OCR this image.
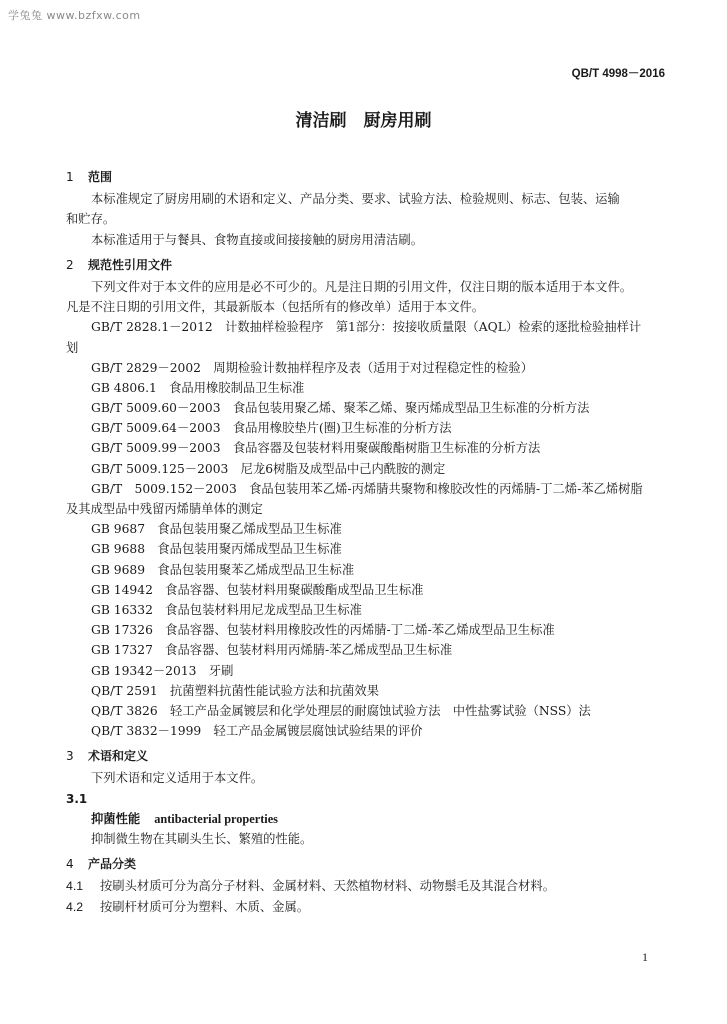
学兔兔 www.bzfxw.com
QB/T 4998－2016
清洁刷　厨房用刷
1 范围
本标准规定了厨房用刷的术语和定义、产品分类、要求、试验方法、检验规则、标志、包装、运输
和贮存。
本标准适用于与餐具、食物直接或间接接触的厨房用清洁刷。
2 规范性引用文件
下列文件对于本文件的应用是必不可少的。凡是注日期的引用文件，仅注日期的版本适用于本文件。
凡是不注日期的引用文件，其最新版本（包括所有的修改单）适用于本文件。
GB/T 2828.1－2012　计数抽样检验程序　第1部分：按接收质量限（AQL）检索的逐批检验抽样计
划
GB/T 2829－2002　周期检验计数抽样程序及表（适用于对过程稳定性的检验）
GB 4806.1　食品用橡胶制品卫生标准
GB/T 5009.60－2003　食品包装用聚乙烯、聚苯乙烯、聚丙烯成型品卫生标准的分析方法
GB/T 5009.64－2003　食品用橡胶垫片(圈)卫生标准的分析方法
GB/T 5009.99－2003　食品容器及包装材料用聚碳酸酯树脂卫生标准的分析方法
GB/T 5009.125－2003　尼龙6树脂及成型品中己内酰胺的测定
GB/T　5009.152－2003　食品包装用苯乙烯-丙烯腈共聚物和橡胶改性的丙烯腈-丁二烯-苯乙烯树脂
及其成型品中残留丙烯腈单体的测定
GB 9687　食品包装用聚乙烯成型品卫生标准
GB 9688　食品包装用聚丙烯成型品卫生标准
GB 9689　食品包装用聚苯乙烯成型品卫生标准
GB 14942　食品容器、包装材料用聚碳酸酯成型品卫生标准
GB 16332　食品包装材料用尼龙成型品卫生标准
GB 17326　食品容器、包装材料用橡胶改性的丙烯腈-丁二烯-苯乙烯成型品卫生标准
GB 17327　食品容器、包装材料用丙烯腈-苯乙烯成型品卫生标准
GB 19342－2013　牙刷
QB/T 2591　抗菌塑料抗菌性能试验方法和抗菌效果
QB/T 3826　轻工产品金属镀层和化学处理层的耐腐蚀试验方法　中性盐雾试验（NSS）法
QB/T 3832－1999　轻工产品金属镀层腐蚀试验结果的评价
3 术语和定义
下列术语和定义适用于本文件。
3.1
抑菌性能 antibacterial properties
抑制微生物在其刷头生长、繁殖的性能。
4 产品分类
4.1 按刷头材质可分为高分子材料、金属材料、天然植物材料、动物鬃毛及其混合材料。
4.2 按刷杆材质可分为塑料、木质、金属。
1
